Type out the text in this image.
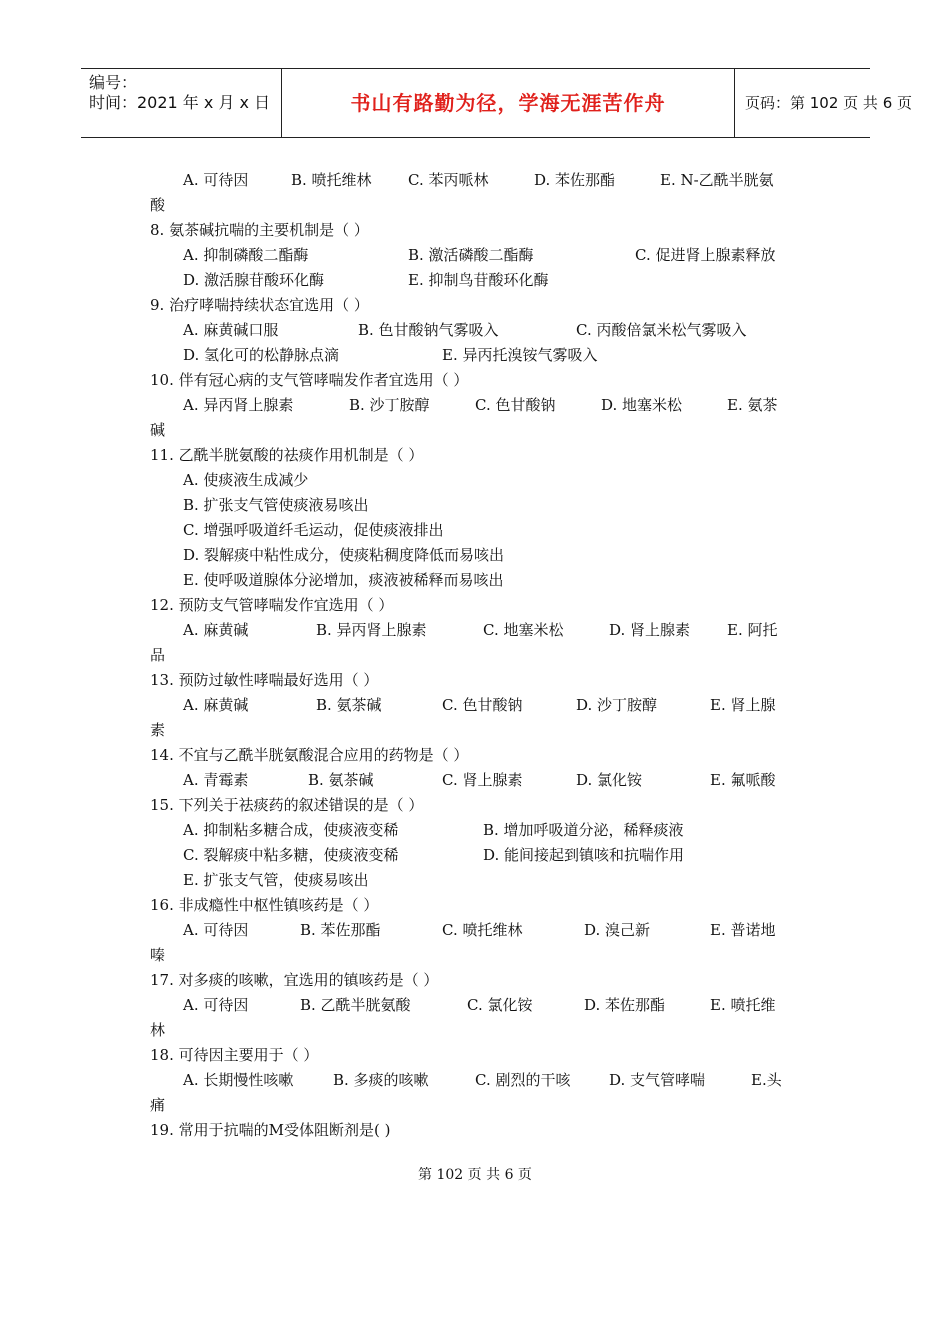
编号：
时间：2021 年 x 月 x 日	书山有路勤为径，学海无涯苦作舟	页码：第 102 页 共 6 页
A. 可待因	B. 喷托维林 C. 苯丙哌林	D. 苯佐那酯	E. N-乙酰半胱氨
酸
8. 氨茶碱抗喘的主要机制是（ ）
A. 抑制磷酸二酯酶	B. 激活磷酸二酯酶	C. 促进肾上腺素释放
D. 激活腺苷酸环化酶	E. 抑制鸟苷酸环化酶
9. 治疗哮喘持续状态宜选用（ ）
A. 麻黄碱口服	B. 色甘酸钠气雾吸入	C. 丙酸倍氯米松气雾吸入
D. 氢化可的松静脉点滴	E. 异丙托溴铵气雾吸入
10. 伴有冠心病的支气管哮喘发作者宜选用（ ）
A. 异丙肾上腺素	B. 沙丁胺醇	C. 色甘酸钠	D. 地塞米松	E. 氨茶
碱
11. 乙酰半胱氨酸的祛痰作用机制是（ ）
A. 使痰液生成减少
B. 扩张支气管使痰液易咳出
C. 增强呼吸道纤毛运动，促使痰液排出
D. 裂解痰中粘性成分，使痰粘稠度降低而易咳出
E. 使呼吸道腺体分泌增加，痰液被稀释而易咳出
12. 预防支气管哮喘发作宜选用（ ）
A. 麻黄碱	B. 异丙肾上腺素	C. 地塞米松	D. 肾上腺素 E. 阿托
品
13. 预防过敏性哮喘最好选用（ ）
A. 麻黄碱	B. 氨茶碱	C. 色甘酸钠	D. 沙丁胺醇	E. 肾上腺
素
14. 不宜与乙酰半胱氨酸混合应用的药物是（ ）
A. 青霉素	B. 氨茶碱	C. 肾上腺素	D. 氯化铵	E. 氟哌酸
15. 下列关于祛痰药的叙述错误的是（ ）
A. 抑制粘多糖合成，使痰液变稀	B. 增加呼吸道分泌，稀释痰液
C. 裂解痰中粘多糖，使痰液变稀	D. 能间接起到镇咳和抗喘作用
E. 扩张支气管，使痰易咳出
16. 非成瘾性中枢性镇咳药是（ ）
A. 可待因	B. 苯佐那酯	C. 喷托维林	D. 溴己新	E. 普诺地
嗪
17. 对多痰的咳嗽，宜选用的镇咳药是（ ）
A. 可待因	B. 乙酰半胱氨酸	C. 氯化铵	D. 苯佐那酯	E. 喷托维
林
18. 可待因主要用于（ ）
A. 长期慢性咳嗽	B. 多痰的咳嗽	C. 剧烈的干咳	D. 支气管哮喘	E.头
痛
19. 常用于抗喘的M受体阻断剂是( )
第 102 页 共 6 页
